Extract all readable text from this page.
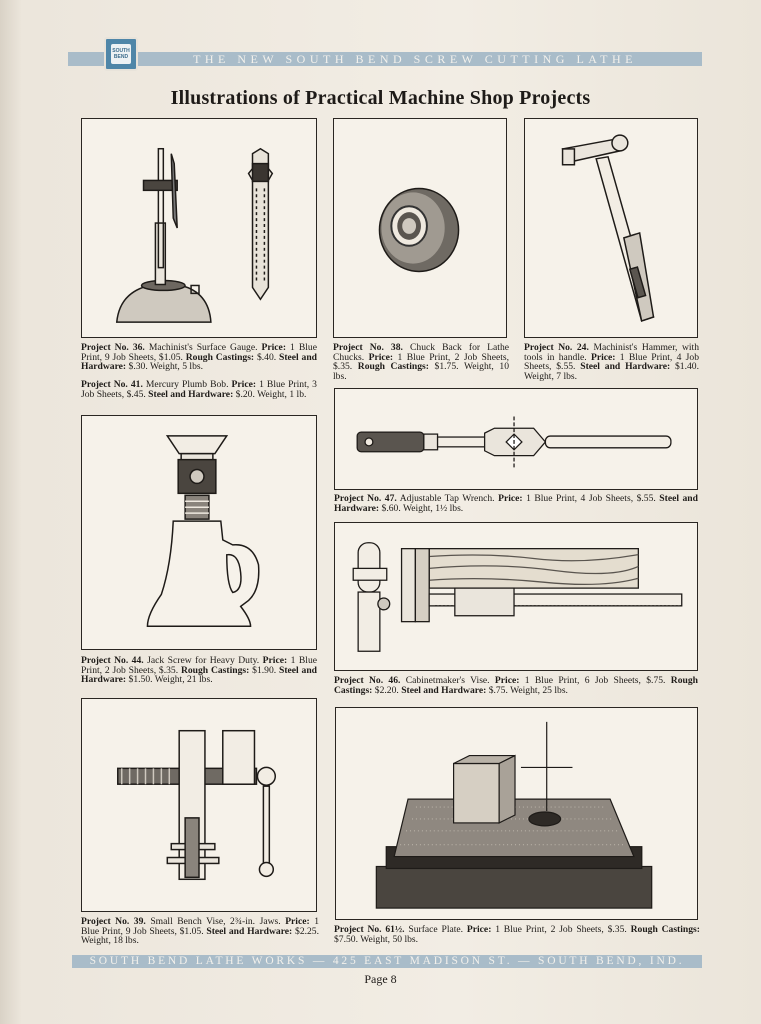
THE NEW SOUTH BEND SCREW CUTTING LATHE
SOUTH BEND
Illustrations of Practical Machine Shop Projects
Project No. 36. Machinist's Surface Gauge. Price: 1 Blue Print, 9 Job Sheets, $1.05. Rough Castings: $.40. Steel and Hardware: $.30. Weight, 5 lbs.
Project No. 41. Mercury Plumb Bob. Price: 1 Blue Print, 3 Job Sheets, $.45. Steel and Hardware: $.20. Weight, 1 lb.
Project No. 38. Chuck Back for Lathe Chucks. Price: 1 Blue Print, 2 Job Sheets, $.35. Rough Castings: $1.75. Weight, 10 lbs.
Project No. 24. Machinist's Hammer, with tools in handle. Price: 1 Blue Print, 4 Job Sheets, $.55. Steel and Hardware: $1.40. Weight, 7 lbs.
Project No. 47. Adjustable Tap Wrench. Price: 1 Blue Print, 4 Job Sheets, $.55. Steel and Hardware: $.60. Weight, 1½ lbs.
Project No. 44. Jack Screw for Heavy Duty. Price: 1 Blue Print, 2 Job Sheets, $.35. Rough Castings: $1.90. Steel and Hardware: $1.50. Weight, 21 lbs.	Project No. 46. Cabinetmaker's Vise. Price: 1 Blue Print, 6 Job Sheets, $.75. Rough Castings: $2.20. Steel and Hardware: $.75. Weight, 25 lbs.
Project No. 39. Small Bench Vise, 2¾-in. Jaws. Price: 1 Blue Print, 9 Job Sheets, $1.05. Steel and Hardware: $2.25. Weight, 18 lbs.
Project No. 61½. Surface Plate. Price: 1 Blue Print, 2 Job Sheets, $.35. Rough Castings: $7.50. Weight, 50 lbs.
SOUTH BEND LATHE WORKS — 425 EAST MADISON ST. — SOUTH BEND, IND.
Page 8
